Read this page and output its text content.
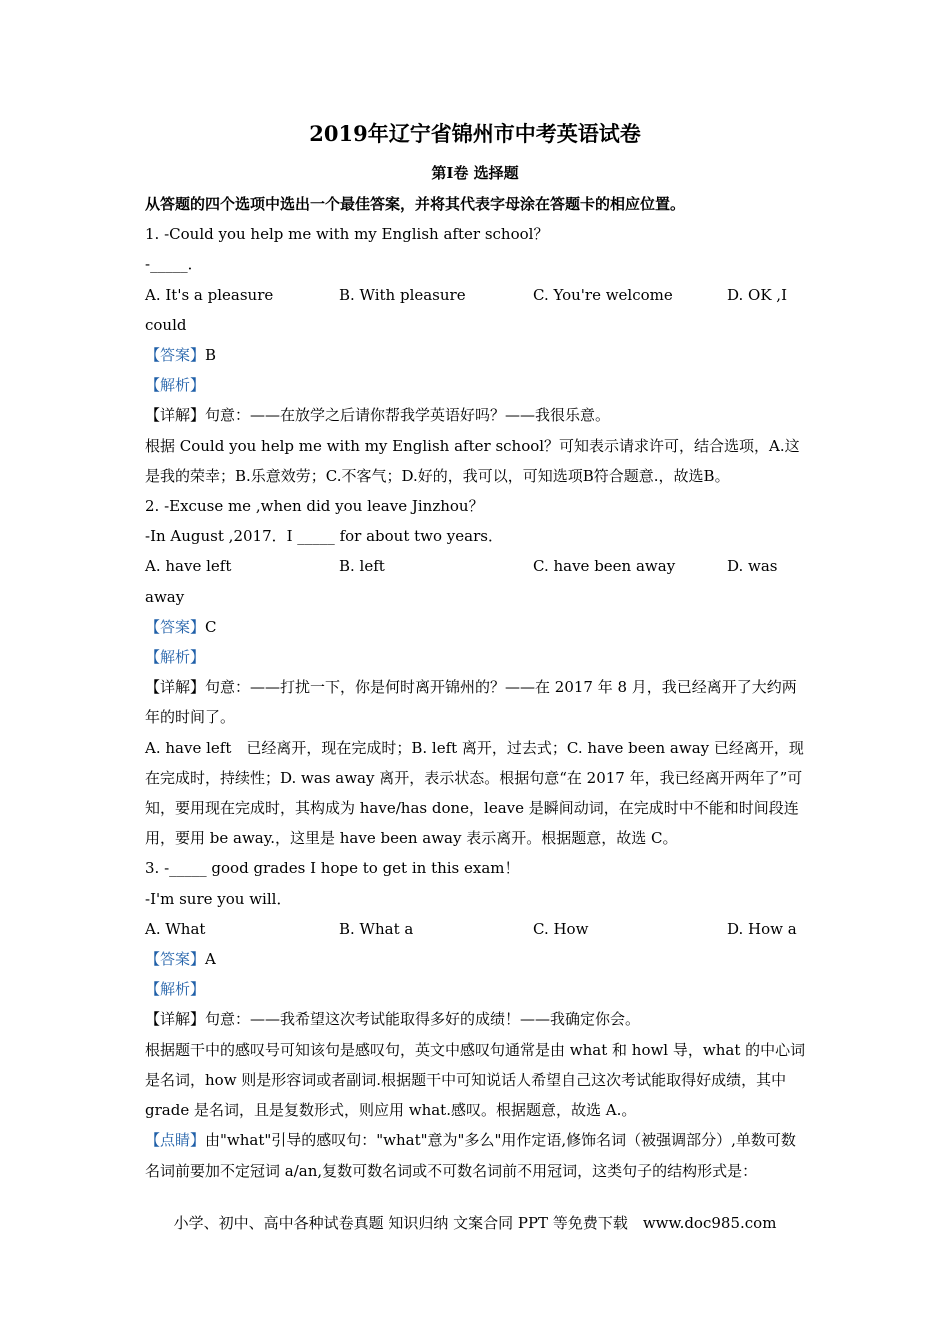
2019年辽宁省锦州市中考英语试卷
第I卷 选择题
从答题的四个选项中选出一个最佳答案，并将其代表字母涂在答题卡的相应位置。
1. -Could you help me with my English after school？
-_____．
A. It's a pleasure	B. With pleasure	C. You're welcome	D. OK ,I
could
【答案】B
【解析】
【详解】句意：——在放学之后请你帮我学英语好吗？——我很乐意。
根据 Could you help me with my English after school？可知表示请求许可，结合选项，A.这是我的荣幸；B.乐意效劳；C.不客气；D.好的，我可以，可知选项B符合题意.，故选B。
2. -Excuse me ,when did you leave Jinzhou？
-In August ,2017．I _____ for about two years．
A. have left	B. left	C. have been away	D. was
away
【答案】C
【解析】
【详解】句意：——打扰一下，你是何时离开锦州的？——在 2017 年 8 月，我已经离开了大约两年的时间了。
A. have left　已经离开，现在完成时；B. left 离开，过去式；C. have been away 已经离开，现在完成时，持续性；D. was away 离开，表示状态。根据句意“在 2017 年，我已经离开两年了”可知，要用现在完成时，其构成为 have/has done，leave 是瞬间动词，在完成时中不能和时间段连用，要用 be away.，这里是 have been away 表示离开。根据题意，故选 C。
3. -_____ good grades I hope to get in this exam！
-I'm sure you will．
A. What	B. What a	C. How	D. How a
【答案】A
【解析】
【详解】句意：——我希望这次考试能取得多好的成绩！——我确定你会。
根据题干中的感叹号可知该句是感叹句，英文中感叹句通常是由 what 和 howl 导，what 的中心词是名词，how 则是形容词或者副词.根据题干中可知说话人希望自己这次考试能取得好成绩，其中 grade 是名词，且是复数形式，则应用 what.感叹。根据题意，故选 A.。
【点睛】由"what"引导的感叹句："what"意为"多么"用作定语,修饰名词（被强调部分）,单数可数名词前要加不定冠词 a/an,复数可数名词或不可数名词前不用冠词，这类句子的结构形式是：
小学、初中、高中各种试卷真题 知识归纳 文案合同 PPT 等免费下载　www.doc985.com
